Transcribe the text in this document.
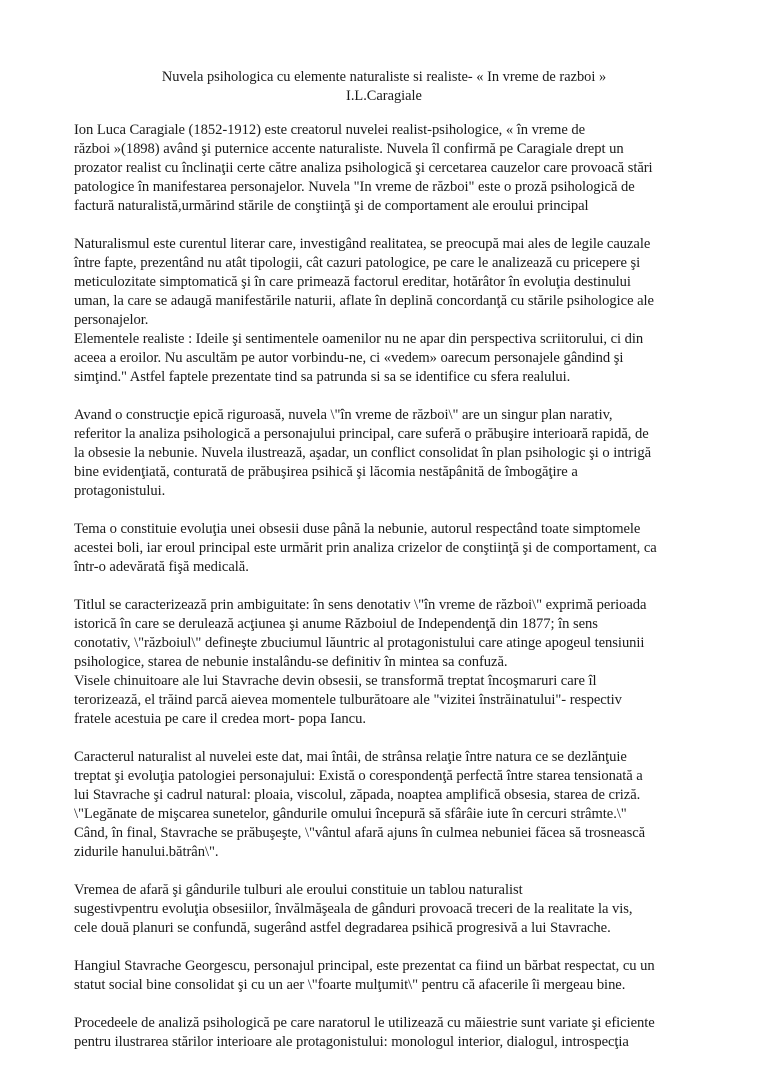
Nuvela psihologica cu elemente naturaliste si realiste- « In vreme de razboi »
I.L.Caragiale
Ion Luca Caragiale (1852-1912) este creatorul nuvelei realist-psihologice, « în vreme de
război »(1898) având şi puternice accente naturaliste. Nuvela îl confirmă pe Caragiale drept un
prozator realist cu înclinaţii certe către analiza psihologică şi cercetarea cauzelor care provoacă stări
patologice în manifestarea personajelor. Nuvela "In vreme de război" este o proză psihologică de
factură naturalistă,urmărind stările de conştiinţă şi de comportament ale eroului principal
Naturalismul este curentul literar care, investigând realitatea, se preocupă mai ales de legile cauzale
între fapte, prezentând nu atât tipologii, cât cazuri patologice, pe care le analizează cu pricepere şi
meticulozitate simptomatică şi în care primează factorul ereditar, hotărâtor în evoluţia destinului
uman, la care se adaugă manifestările naturii, aflate în deplină concordanţă cu stările psihologice ale
personajelor.
Elementele realiste : Ideile şi sentimentele oamenilor nu ne apar din perspectiva scriitorului, ci din
aceea a eroilor. Nu ascultăm pe autor vorbindu-ne, ci «vedem» oarecum personajele gândind şi
simţind." Astfel faptele prezentate tind sa patrunda si sa se identifice cu sfera realului.
Avand o construcţie epică riguroasă, nuvela \"în vreme de război\" are un singur plan narativ,
referitor la analiza psihologică a personajului principal, care suferă o prăbuşire interioară rapidă, de
la obsesie la nebunie. Nuvela ilustrează, aşadar, un conflict consolidat în plan psihologic şi o intrigă
bine evidenţiată, conturată de prăbuşirea psihică şi lăcomia nestăpânită de îmbogăţire a
protagonistului.
Tema o constituie evoluţia unei obsesii duse până la nebunie, autorul respectând toate simptomele
acestei boli, iar eroul principal este urmărit prin analiza crizelor de conştiinţă şi de comportament, ca
într-o adevărată fişă medicală.
Titlul se caracterizează prin ambiguitate: în sens denotativ \"în vreme de război\" exprimă perioada
istorică în care se derulează acţiunea şi anume Războiul de Independenţă din 1877; în sens
conotativ, \"războiul\" defineşte zbuciumul lăuntric al protagonistului care atinge apogeul tensiunii
psihologice, starea de nebunie instalându-se definitiv în mintea sa confuză.
Visele chinuitoare ale lui Stavrache devin obsesii, se transformă treptat încoşmaruri care îl
terorizează, el trăind parcă aievea momentele tulburătoare ale "vizitei înstrăinatului"- respectiv
fratele acestuia pe care il credea mort- popa Iancu.
Caracterul naturalist al nuvelei este dat, mai întâi, de strânsa relaţie între natura ce se dezlănţuie
treptat şi evoluţia patologiei personajului: Există o corespondenţă perfectă între starea tensionată a
lui Stavrache şi cadrul natural: ploaia, viscolul, zăpada, noaptea amplifică obsesia, starea de criză.
\"Legănate de mişcarea sunetelor, gândurile omului începură să sfârâie iute în cercuri strâmte.\"
Când, în final, Stavrache se prăbuşeşte, \"vântul afară ajuns în culmea nebuniei făcea să trosnească
zidurile hanului.bătrân\".
Vremea de afară şi gândurile tulburi ale eroului constituie un tablou naturalist
sugestivpentru evoluţia obsesiilor, învălmăşeala de gânduri provoacă treceri de la realitate la vis,
cele două planuri se confundă, sugerând astfel degradarea psihică progresivă a lui Stavrache.
Hangiul Stavrache Georgescu, personajul principal, este prezentat ca fiind un bărbat respectat, cu un
statut social bine consolidat şi cu un aer \"foarte mulţumit\" pentru că afacerile îi mergeau bine.
Procedeele de analiză psihologică pe care naratorul le utilizează cu măiestrie sunt variate şi eficiente
pentru ilustrarea stărilor interioare ale protagonistului: monologul interior, dialogul, introspecţia
